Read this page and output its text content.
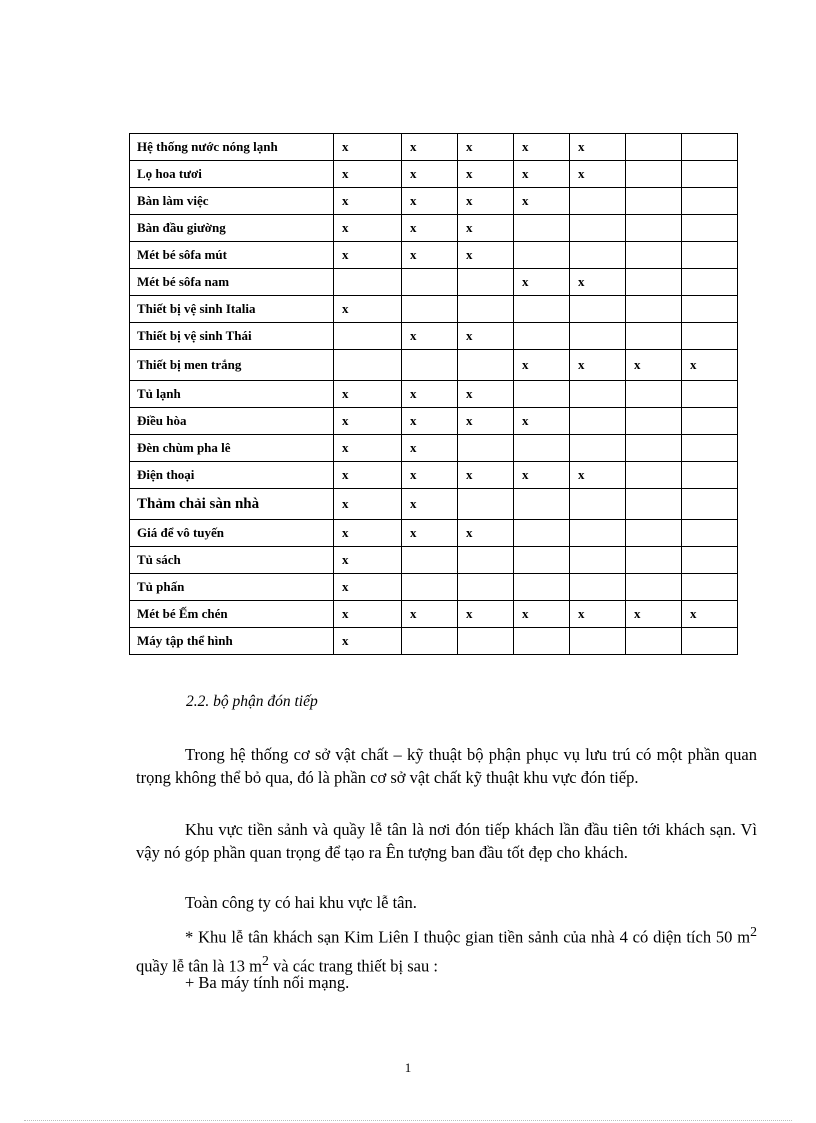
Hệ thống nước nóng lạnh	x	x	x	x	x		
Lọ hoa tươi	x	x	x	x	x		
Bàn làm việc	x	x	x	x			
Bàn đầu giường	x	x	x				
Mét bé sôfa mút	x	x	x				
Mét bé sôfa nam				x	x		
Thiết bị vệ sinh Italia	x						
Thiết bị vệ sinh Thái		x	x				
Thiết bị men trắng				x	x	x	x
Tủ lạnh	x	x	x				
Điều hòa	x	x	x	x			
Đèn chùm pha lê	x	x					
Điện thoại	x	x	x	x	x		
Thảm chải sàn nhà	x	x					
Giá để vô tuyến	x	x	x				
Tủ sách	x						
Tủ phấn	x						
Mét bé Ếm chén	x	x	x	x	x	x	x
Máy tập thể hình	x						

2.2. bộ phận đón tiếp

Trong hệ thống cơ sở vật chất – kỹ thuật bộ phận phục vụ lưu trú có một phần quan trọng không thể bỏ qua, đó là phần cơ sở vật chất kỹ thuật khu vực đón tiếp.

Khu vực tiền sảnh và quầy lễ tân là nơi đón tiếp khách lần đầu tiên tới khách sạn. Vì vậy nó góp phần quan trọng để tạo ra Ên tượng ban đầu tốt đẹp cho khách.

Toàn công ty có hai khu vực lễ tân.

* Khu lễ tân khách sạn Kim Liên I thuộc gian tiền sảnh của nhà 4 có diện tích 50 $m^2$ quầy lễ tân là 13 $m^2$ và các trang thiết bị sau :

+ Ba máy tính nối mạng.

1
